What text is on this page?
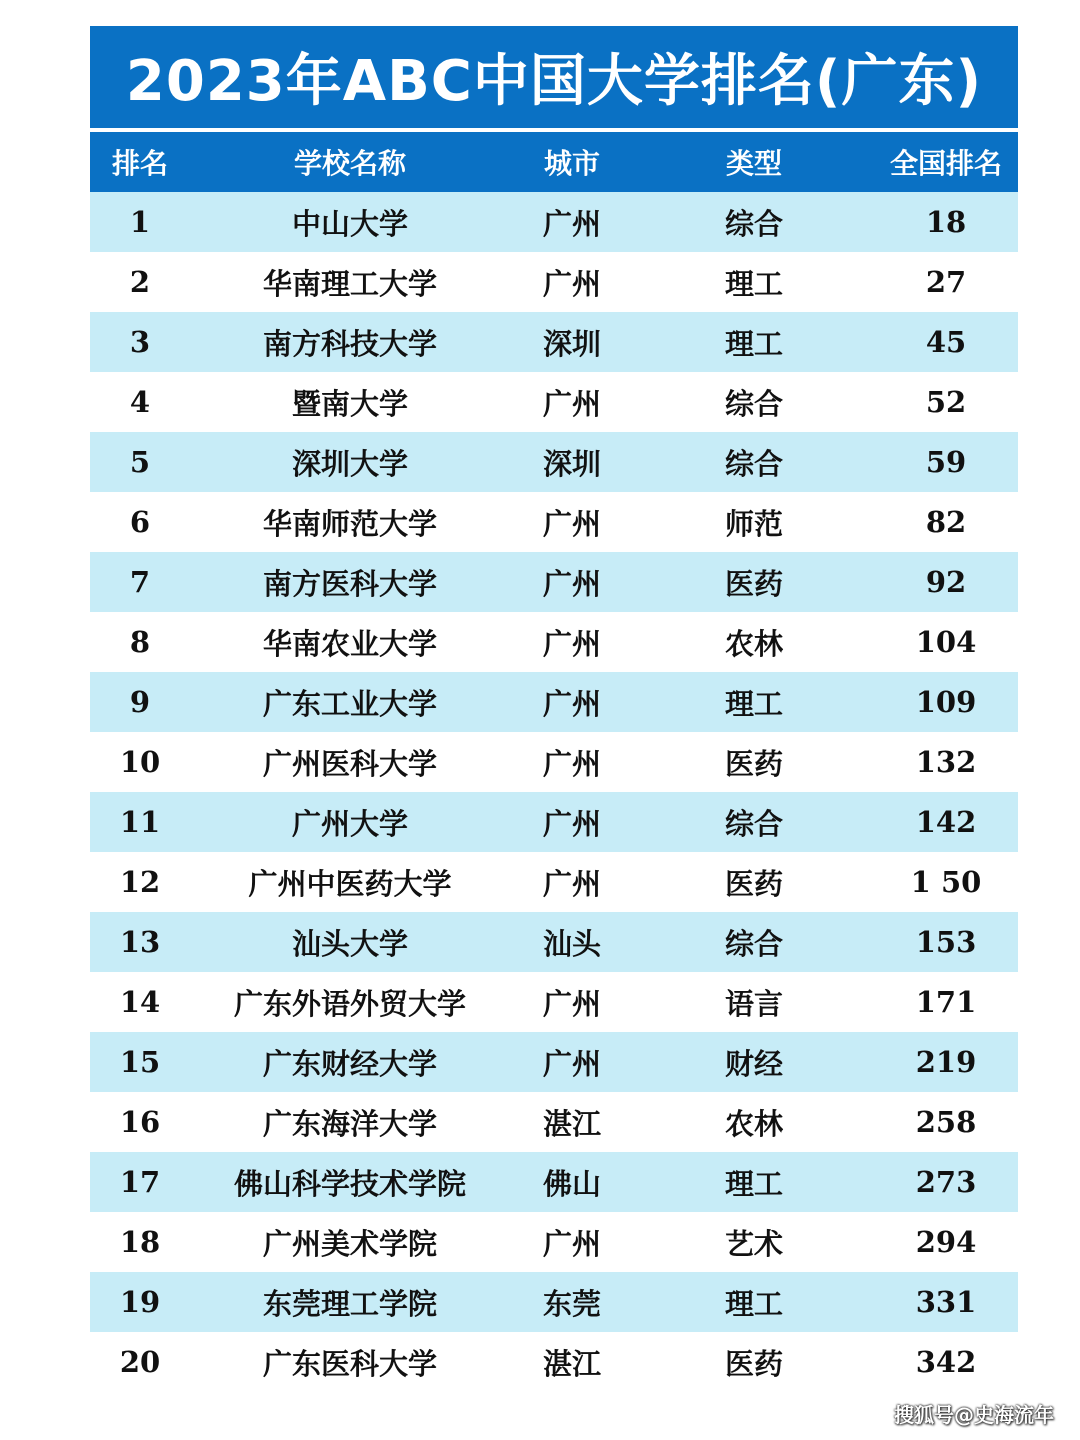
2023年ABC中国大学排名(广东)
排名	学校名称	城市	类型	全国排名
1	中山大学	广州	综合	18
2	华南理工大学	广州	理工	27
3	南方科技大学	深圳	理工	45
4	暨南大学	广州	综合	52
5	深圳大学	深圳	综合	59
6	华南师范大学	广州	师范	82
7	南方医科大学	广州	医药	92
8	华南农业大学	广州	农林	104
9	广东工业大学	广州	理工	109
10	广州医科大学	广州	医药	132
11	广州大学	广州	综合	142
12	广州中医药大学	广州	医药	1 50
13	汕头大学	汕头	综合	153
14	广东外语外贸大学	广州	语言	171
15	广东财经大学	广州	财经	219
16	广东海洋大学	湛江	农林	258
17	佛山科学技术学院	佛山	理工	273
18	广州美术学院	广州	艺术	294
19	东莞理工学院	东莞	理工	331
20	广东医科大学	湛江	医药	342
搜狐号@史海流年
